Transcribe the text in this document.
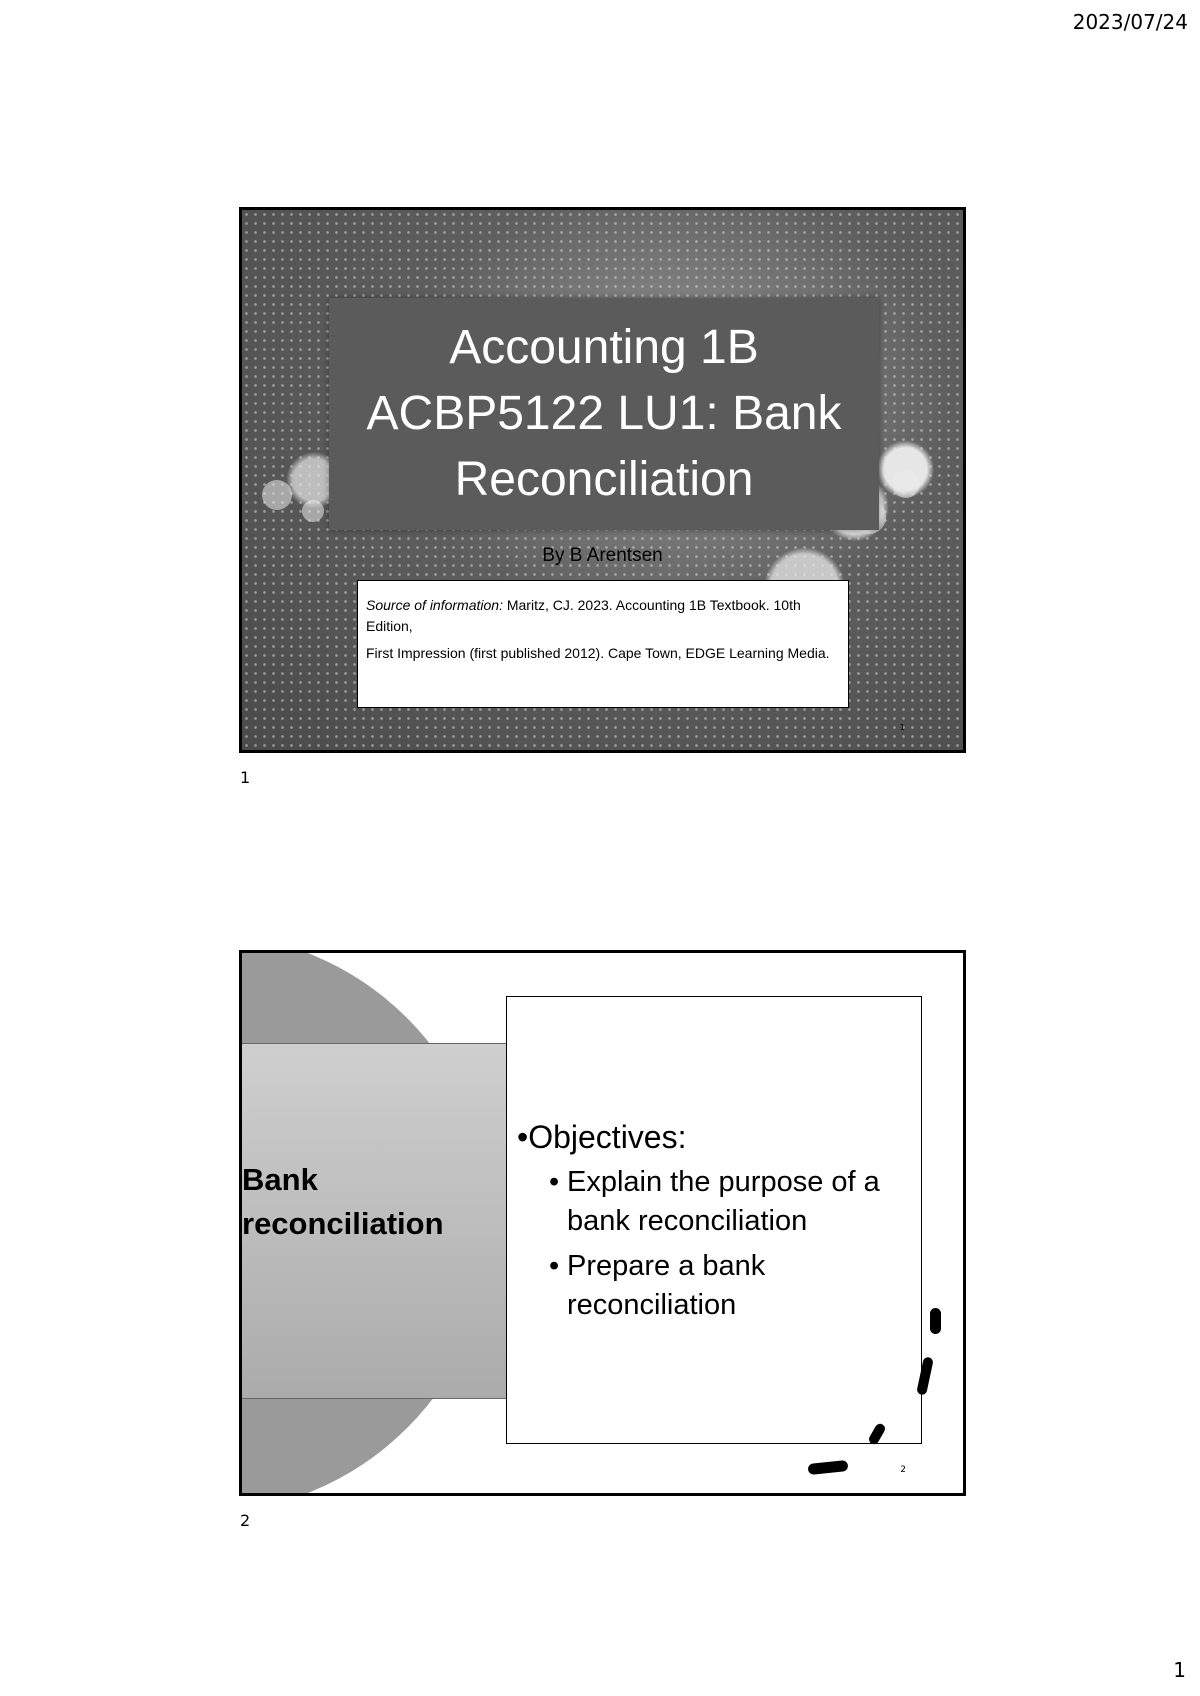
2023/07/24
Accounting 1B
ACBP5122 LU1: Bank
Reconciliation
By B Arentsen

Source of information: Maritz, CJ. 2023. Accounting 1B Textbook. 10th Edition,

First Impression (first published 2012). Cape Town, EDGE Learning Media.

1
1
Bank
reconciliation
•Objectives:
• Explain the purpose of a bank reconciliation
• Prepare a bank reconciliation
2
2
1
